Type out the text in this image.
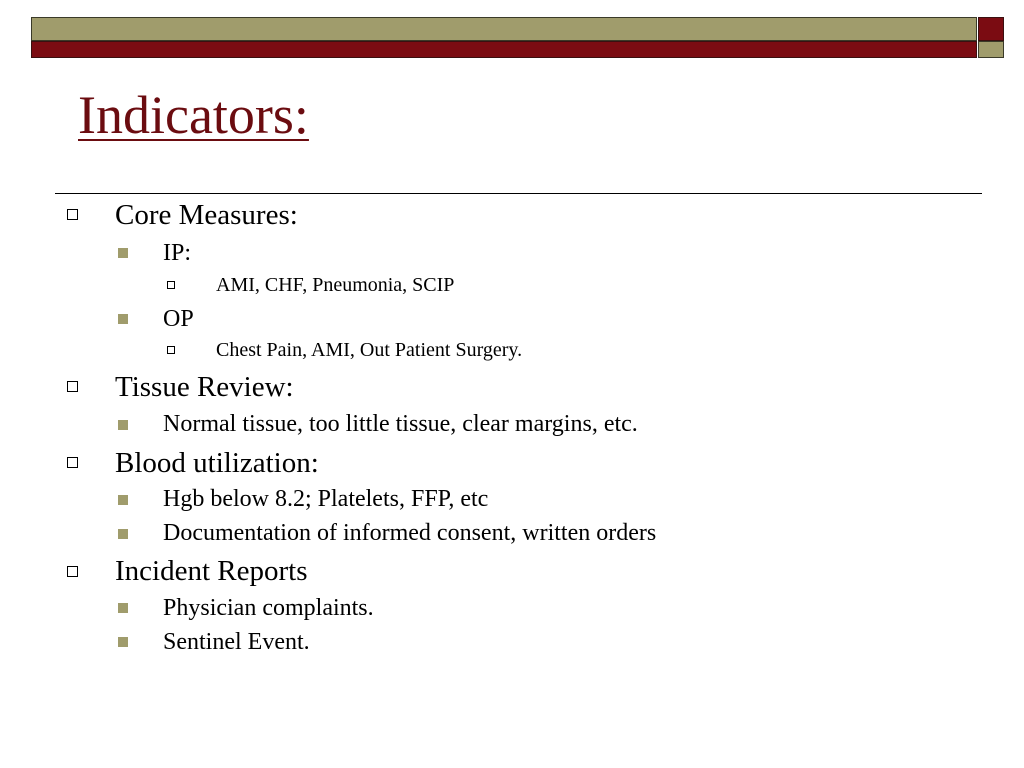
Indicators:
Core Measures:
IP:
AMI, CHF, Pneumonia, SCIP
OP
Chest Pain, AMI, Out Patient Surgery.
Tissue Review:
Normal tissue, too little tissue, clear margins, etc.
Blood utilization:
Hgb below 8.2; Platelets, FFP, etc
Documentation of informed consent, written orders
Incident Reports
Physician complaints.
Sentinel Event.
